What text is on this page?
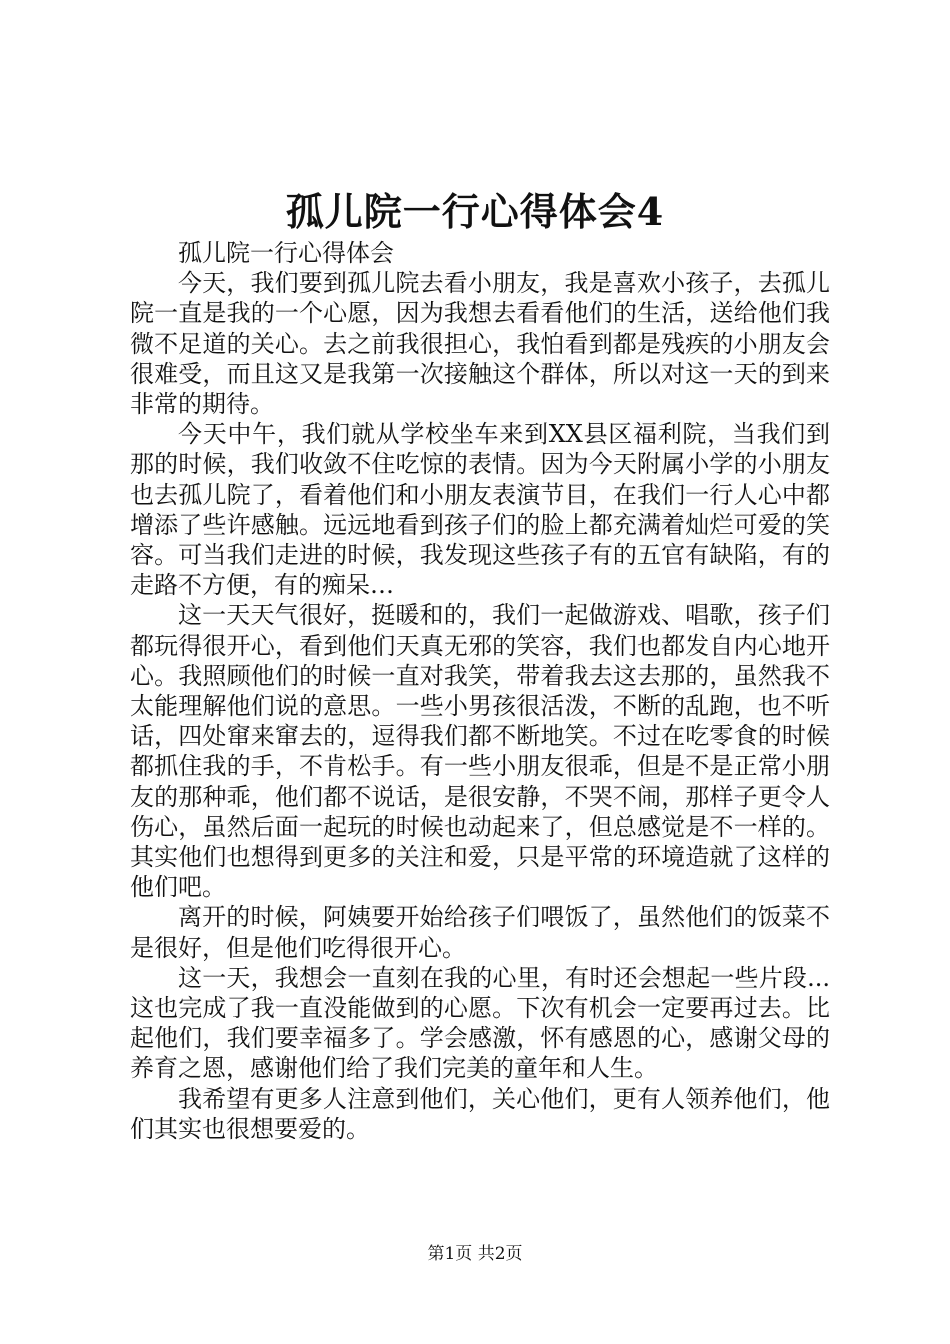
孤儿院一行心得体会4

孤儿院一行心得体会

今天，我们要到孤儿院去看小朋友，我是喜欢小孩子，去孤儿院一直是我的一个心愿，因为我想去看看他们的生活，送给他们我微不足道的关心。去之前我很担心，我怕看到都是残疾的小朋友会很难受，而且这又是我第一次接触这个群体，所以对这一天的到来非常的期待。

今天中午，我们就从学校坐车来到XX县区福利院，当我们到那的时候，我们收敛不住吃惊的表情。因为今天附属小学的小朋友也去孤儿院了，看着他们和小朋友表演节目，在我们一行人心中都增添了些许感触。远远地看到孩子们的脸上都充满着灿烂可爱的笑容。可当我们走进的时候，我发现这些孩子有的五官有缺陷，有的走路不方便，有的痴呆…

这一天天气很好，挺暖和的，我们一起做游戏、唱歌，孩子们都玩得很开心，看到他们天真无邪的笑容，我们也都发自内心地开心。我照顾他们的时候一直对我笑，带着我去这去那的，虽然我不太能理解他们说的意思。一些小男孩很活泼，不断的乱跑，也不听话，四处窜来窜去的，逗得我们都不断地笑。不过在吃零食的时候都抓住我的手，不肯松手。有一些小朋友很乖，但是不是正常小朋友的那种乖，他们都不说话，是很安静，不哭不闹，那样子更令人伤心，虽然后面一起玩的时候也动起来了，但总感觉是不一样的。其实他们也想得到更多的关注和爱，只是平常的环境造就了这样的他们吧。

离开的时候，阿姨要开始给孩子们喂饭了，虽然他们的饭菜不是很好，但是他们吃得很开心。

这一天，我想会一直刻在我的心里，有时还会想起一些片段...这也完成了我一直没能做到的心愿。下次有机会一定要再过去。比起他们，我们要幸福多了。学会感激，怀有感恩的心，感谢父母的养育之恩，感谢他们给了我们完美的童年和人生。

我希望有更多人注意到他们，关心他们，更有人领养他们，他们其实也很想要爱的。

第1页 共2页
